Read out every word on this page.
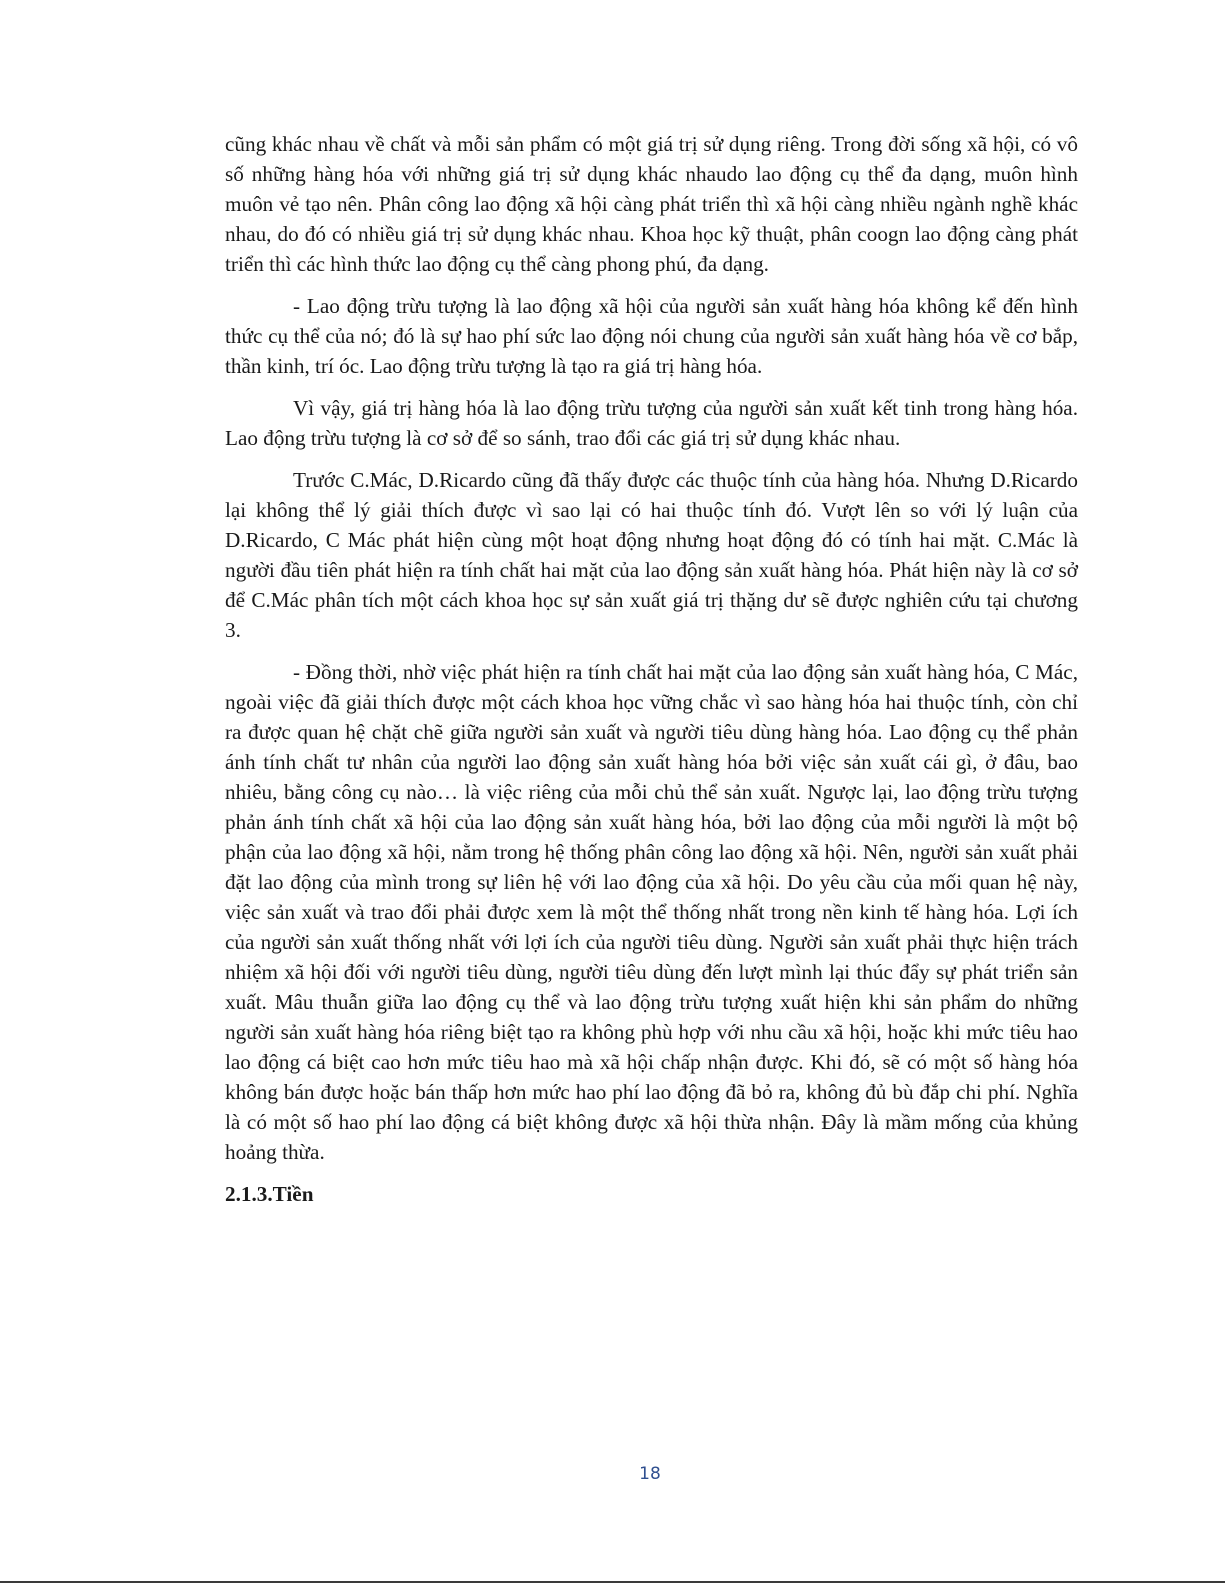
cũng khác nhau về chất và mỗi sản phẩm có một giá trị sử dụng riêng. Trong đời sống xã hội, có vô số những hàng hóa với những giá trị sử dụng khác nhaudo lao động cụ thể đa dạng, muôn hình muôn vẻ tạo nên. Phân công lao động xã hội càng phát triển thì xã hội càng nhiều ngành nghề khác nhau, do đó có nhiều giá trị sử dụng khác nhau. Khoa học kỹ thuật, phân coogn lao động càng phát triển thì các hình thức lao động cụ thể càng phong phú, đa dạng.

- Lao động trừu tượng là lao động xã hội của người sản xuất hàng hóa không kể đến hình thức cụ thể của nó; đó là sự hao phí sức lao động nói chung của người sản xuất hàng hóa về cơ bắp, thần kinh, trí óc. Lao động trừu tượng là tạo ra giá trị hàng hóa.

Vì vậy, giá trị hàng hóa là lao động trừu tượng của người sản xuất kết tinh trong hàng hóa. Lao động trừu tượng là cơ sở để so sánh, trao đổi các giá trị sử dụng khác nhau.

Trước C.Mác, D.Ricardo cũng đã thấy được các thuộc tính của hàng hóa. Nhưng D.Ricardo lại không thể lý giải thích được vì sao lại có hai thuộc tính đó. Vượt lên so với lý luận của D.Ricardo, C Mác phát hiện cùng một hoạt động nhưng hoạt động đó có tính hai mặt. C.Mác là người đầu tiên phát hiện ra tính chất hai mặt của lao động sản xuất hàng hóa. Phát hiện này là cơ sở để C.Mác phân tích một cách khoa học sự sản xuất giá trị thặng dư sẽ được nghiên cứu tại chương 3.

- Đồng thời, nhờ việc phát hiện ra tính chất hai mặt của lao động sản xuất hàng hóa, C Mác, ngoài việc đã giải thích được một cách khoa học vững chắc vì sao hàng hóa hai thuộc tính, còn chỉ ra được quan hệ chặt chẽ giữa người sản xuất và người tiêu dùng hàng hóa. Lao động cụ thể phản ánh tính chất tư nhân của người lao động sản xuất hàng hóa bởi việc sản xuất cái gì, ở đâu, bao nhiêu, bằng công cụ nào… là việc riêng của mỗi chủ thể sản xuất. Ngược lại, lao động trừu tượng phản ánh tính chất xã hội của lao động sản xuất hàng hóa, bởi lao động của mỗi người là một bộ phận của lao động xã hội, nằm trong hệ thống phân công lao động xã hội. Nên, người sản xuất phải đặt lao động của mình trong sự liên hệ với lao động của xã hội. Do yêu cầu của mối quan hệ này, việc sản xuất và trao đổi phải được xem là một thể thống nhất trong nền kinh tế hàng hóa. Lợi ích của người sản xuất thống nhất với lợi ích của người tiêu dùng. Người sản xuất phải thực hiện trách nhiệm xã hội đối với người tiêu dùng, người tiêu dùng đến lượt mình lại thúc đẩy sự phát triển sản xuất. Mâu thuẫn giữa lao động cụ thể và lao động trừu tượng xuất hiện khi sản phẩm do những người sản xuất hàng hóa riêng biệt tạo ra không phù hợp với nhu cầu xã hội, hoặc khi mức tiêu hao lao động cá biệt cao hơn mức tiêu hao mà xã hội chấp nhận được. Khi đó, sẽ có một số hàng hóa không bán được hoặc bán thấp hơn mức hao phí lao động đã bỏ ra, không đủ bù đắp chi phí. Nghĩa là có một số hao phí lao động cá biệt không được xã hội thừa nhận. Đây là mầm mống của khủng hoảng thừa.

2.1.3.Tiền
18
